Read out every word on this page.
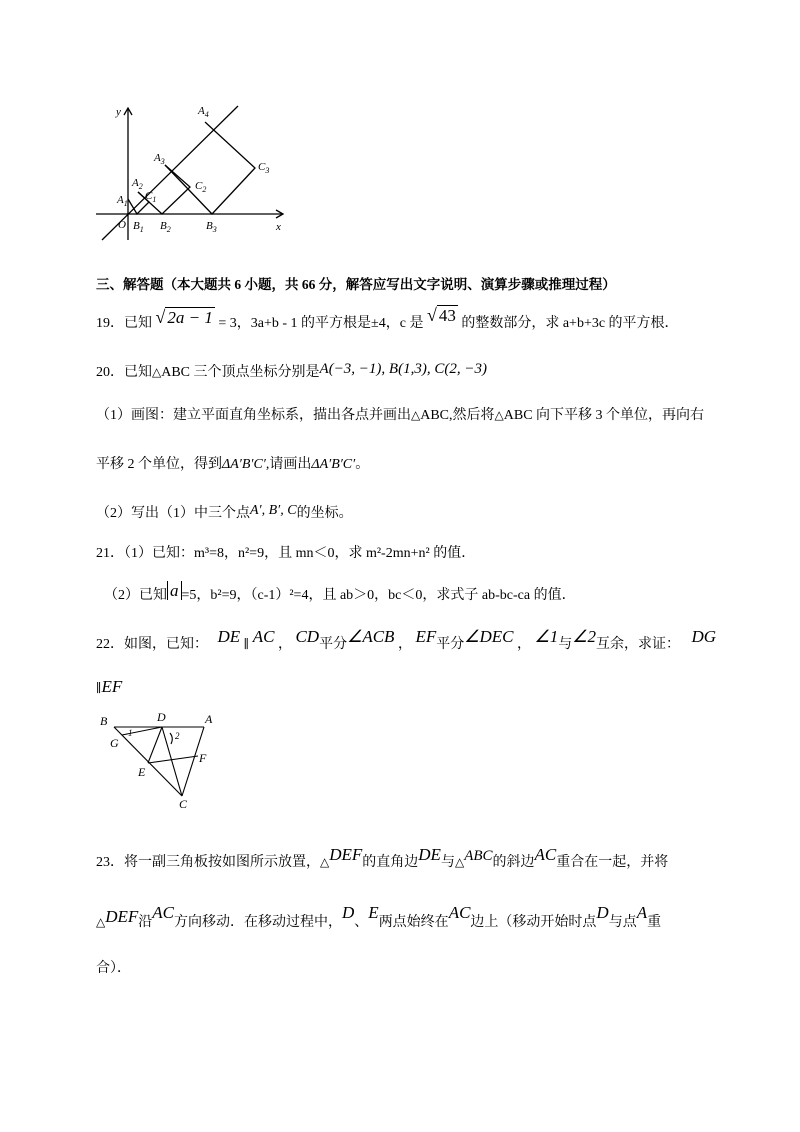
y
x
O
$A_1$
$A_2$
$A_3$
$A_4$
$C_1$
$C_2$
$C_3$
$B_1$ $B_2$	$B_3$
三、解答题（本大题共 6 小题，共 66 分，解答应写出文字说明、演算步骤或推理过程）
19．已知 √ 2a − 1 = 3，3a+b - 1 的平方根是±4，c 是 √ 43 的整数部分，求 a+b+3c 的平方根．
20．已知△ABC 三个顶点坐标分别是A(−3, −1), B(1,3), C(2, −3)
（1）画图：建立平面直角坐标系，描出各点并画出△ABC,然后将△ABC 向下平移 3 个单位，再向右
平移 2 个单位，得到ΔA′B′C′,请画出ΔA′B′C′。
（2）写出（1）中三个点A′, B′, C的坐标。
21．（1）已知：m³=8，n²=9，且 mn＜0，求 m²-2mn+n² 的值．
（2）已知 a =5，b²=9，（c-1）²=4，且 ab＞0，bc＜0，求式子 ab-bc-ca 的值．
22．如图，已知： DE ∥ AC ， CD平分∠ACB ， EF平分∠DEC ， ∠1与∠2互余，求证： DG
∥EF
B	D	A
G
E
F
C
1	2
23．将一副三角板按如图所示放置，△DEF的直角边DE与△ABC的斜边AC重合在一起，并将
△DEF沿AC方向移动．在移动过程中，D、E两点始终在AC边上（移动开始时点D与点A重
合）．
